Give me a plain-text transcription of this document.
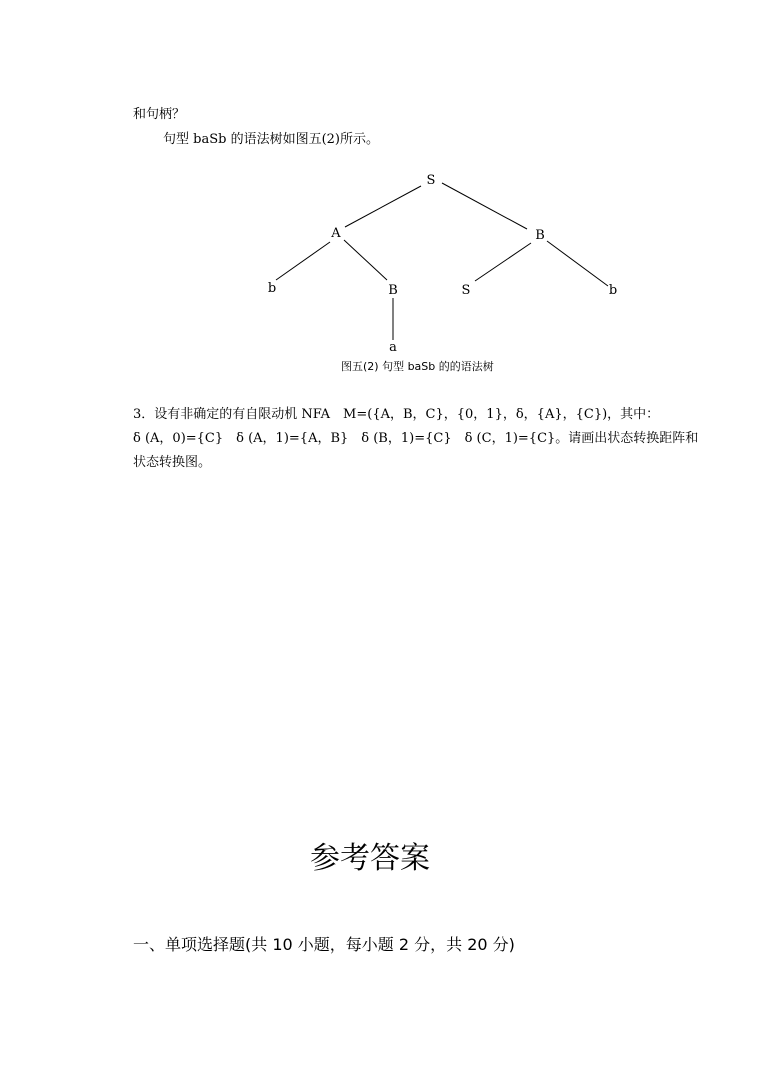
和句柄？
句型 baSb 的语法树如图五(2)所示。
S
A	B
b	B	S	b
a
图五(2) 句型 baSb 的的语法树
3．设有非确定的有自限动机 NFA　M=({A，B，C}，{0，1}，δ，{A}，{C})，其中：
δ (A，0)={C}　δ (A，1)={A，B}　δ (B，1)={C}　δ (C，1)={C}。请画出状态转换距阵和
状态转换图。
参考答案
一、单项选择题(共 10 小题，每小题 2 分，共 20 分)
